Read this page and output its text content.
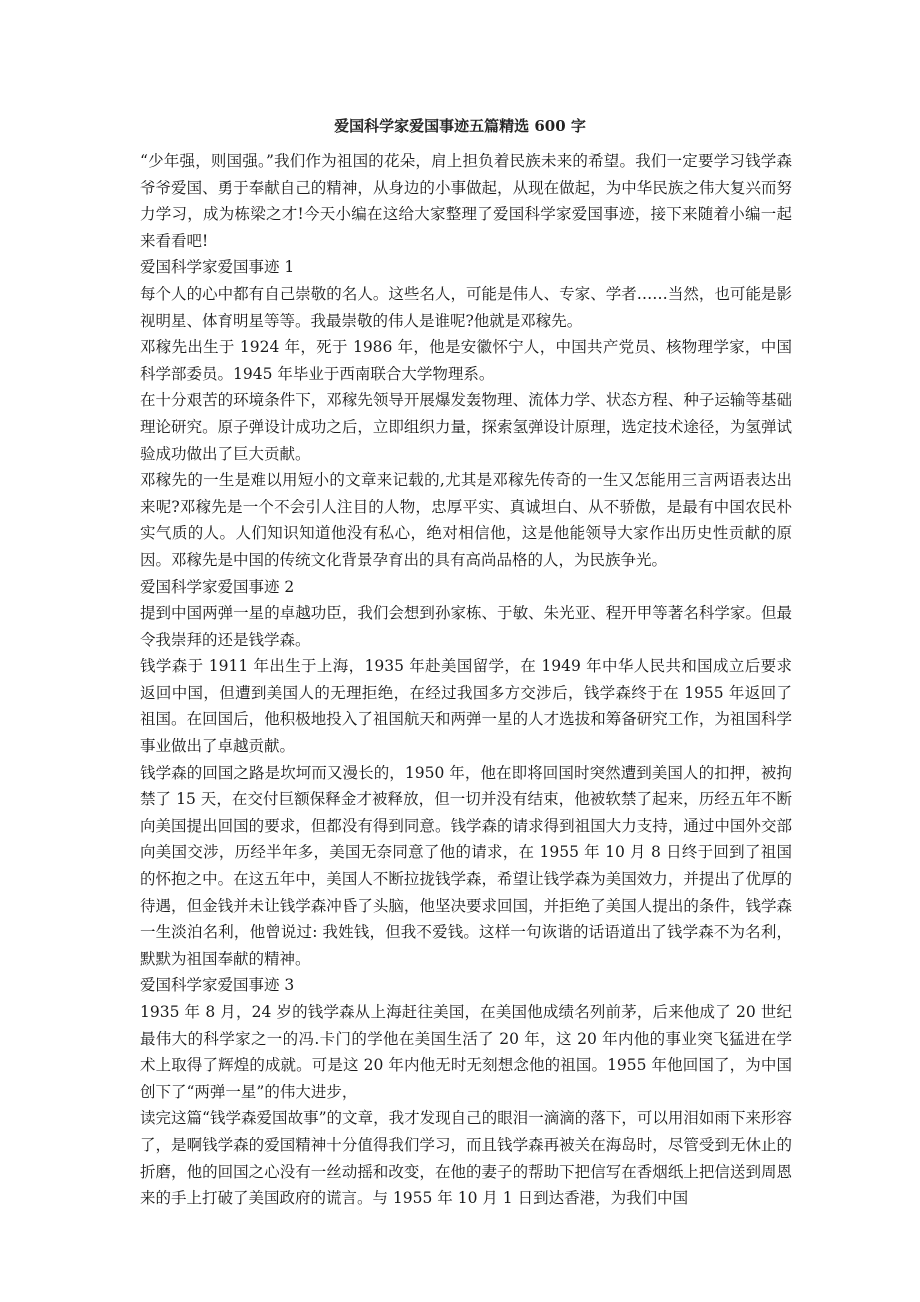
爱国科学家爱国事迹五篇精选 600 字

“少年强，则国强。”我们作为祖国的花朵，肩上担负着民族未来的希望。我们一定要学习钱学森爷爷爱国、勇于奉献自己的精神，从身边的小事做起，从现在做起，为中华民族之伟大复兴而努力学习，成为栋梁之才!今天小编在这给大家整理了爱国科学家爱国事迹，接下来随着小编一起来看看吧!

爱国科学家爱国事迹 1

每个人的心中都有自己崇敬的名人。这些名人，可能是伟人、专家、学者……当然，也可能是影视明星、体育明星等等。我最崇敬的伟人是谁呢?他就是邓稼先。

邓稼先出生于 1924 年，死于 1986 年，他是安徽怀宁人，中国共产党员、核物理学家，中国科学部委员。1945 年毕业于西南联合大学物理系。

在十分艰苦的环境条件下，邓稼先领导开展爆发轰物理、流体力学、状态方程、种子运输等基础理论研究。原子弹设计成功之后，立即组织力量，探索氢弹设计原理，选定技术途径，为氢弹试验成功做出了巨大贡献。

邓稼先的一生是难以用短小的文章来记载的,尤其是邓稼先传奇的一生又怎能用三言两语表达出来呢?邓稼先是一个不会引人注目的人物，忠厚平实、真诚坦白、从不骄傲，是最有中国农民朴实气质的人。人们知识知道他没有私心，绝对相信他，这是他能领导大家作出历史性贡献的原因。邓稼先是中国的传统文化背景孕育出的具有高尚品格的人，为民族争光。

爱国科学家爱国事迹 2

提到中国两弹一星的卓越功臣，我们会想到孙家栋、于敏、朱光亚、程开甲等著名科学家。但最令我崇拜的还是钱学森。

钱学森于 1911 年出生于上海，1935 年赴美国留学，在 1949 年中华人民共和国成立后要求返回中国，但遭到美国人的无理拒绝，在经过我国多方交涉后，钱学森终于在 1955 年返回了祖国。在回国后，他积极地投入了祖国航天和两弹一星的人才选拔和筹备研究工作，为祖国科学事业做出了卓越贡献。

钱学森的回国之路是坎坷而又漫长的，1950 年，他在即将回国时突然遭到美国人的扣押，被拘禁了 15 天，在交付巨额保释金才被释放，但一切并没有结束，他被软禁了起来，历经五年不断向美国提出回国的要求，但都没有得到同意。钱学森的请求得到祖国大力支持，通过中国外交部向美国交涉，历经半年多，美国无奈同意了他的请求，在 1955 年 10 月 8 日终于回到了祖国的怀抱之中。在这五年中，美国人不断拉拢钱学森，希望让钱学森为美国效力，并提出了优厚的待遇，但金钱并未让钱学森冲昏了头脑，他坚决要求回国，并拒绝了美国人提出的条件，钱学森一生淡泊名利，他曾说过: 我姓钱，但我不爱钱。这样一句诙谐的话语道出了钱学森不为名利，默默为祖国奉献的精神。

爱国科学家爱国事迹 3

1935 年 8 月，24 岁的钱学森从上海赶往美国，在美国他成绩名列前茅，后来他成了 20 世纪最伟大的科学家之一的冯.卡门的学他在美国生活了 20 年，这 20 年内他的事业突飞猛进在学术上取得了辉煌的成就。可是这 20 年内他无时无刻想念他的祖国。1955 年他回国了，为中国创下了“两弹一星”的伟大进步，

读完这篇“钱学森爱国故事”的文章，我才发现自己的眼泪一滴滴的落下，可以用泪如雨下来形容了，是啊钱学森的爱国精神十分值得我们学习，而且钱学森再被关在海岛时，尽管受到无休止的折磨，他的回国之心没有一丝动摇和改变，在他的妻子的帮助下把信写在香烟纸上把信送到周恩来的手上打破了美国政府的谎言。与 1955 年 10 月 1 日到达香港，为我们中国
